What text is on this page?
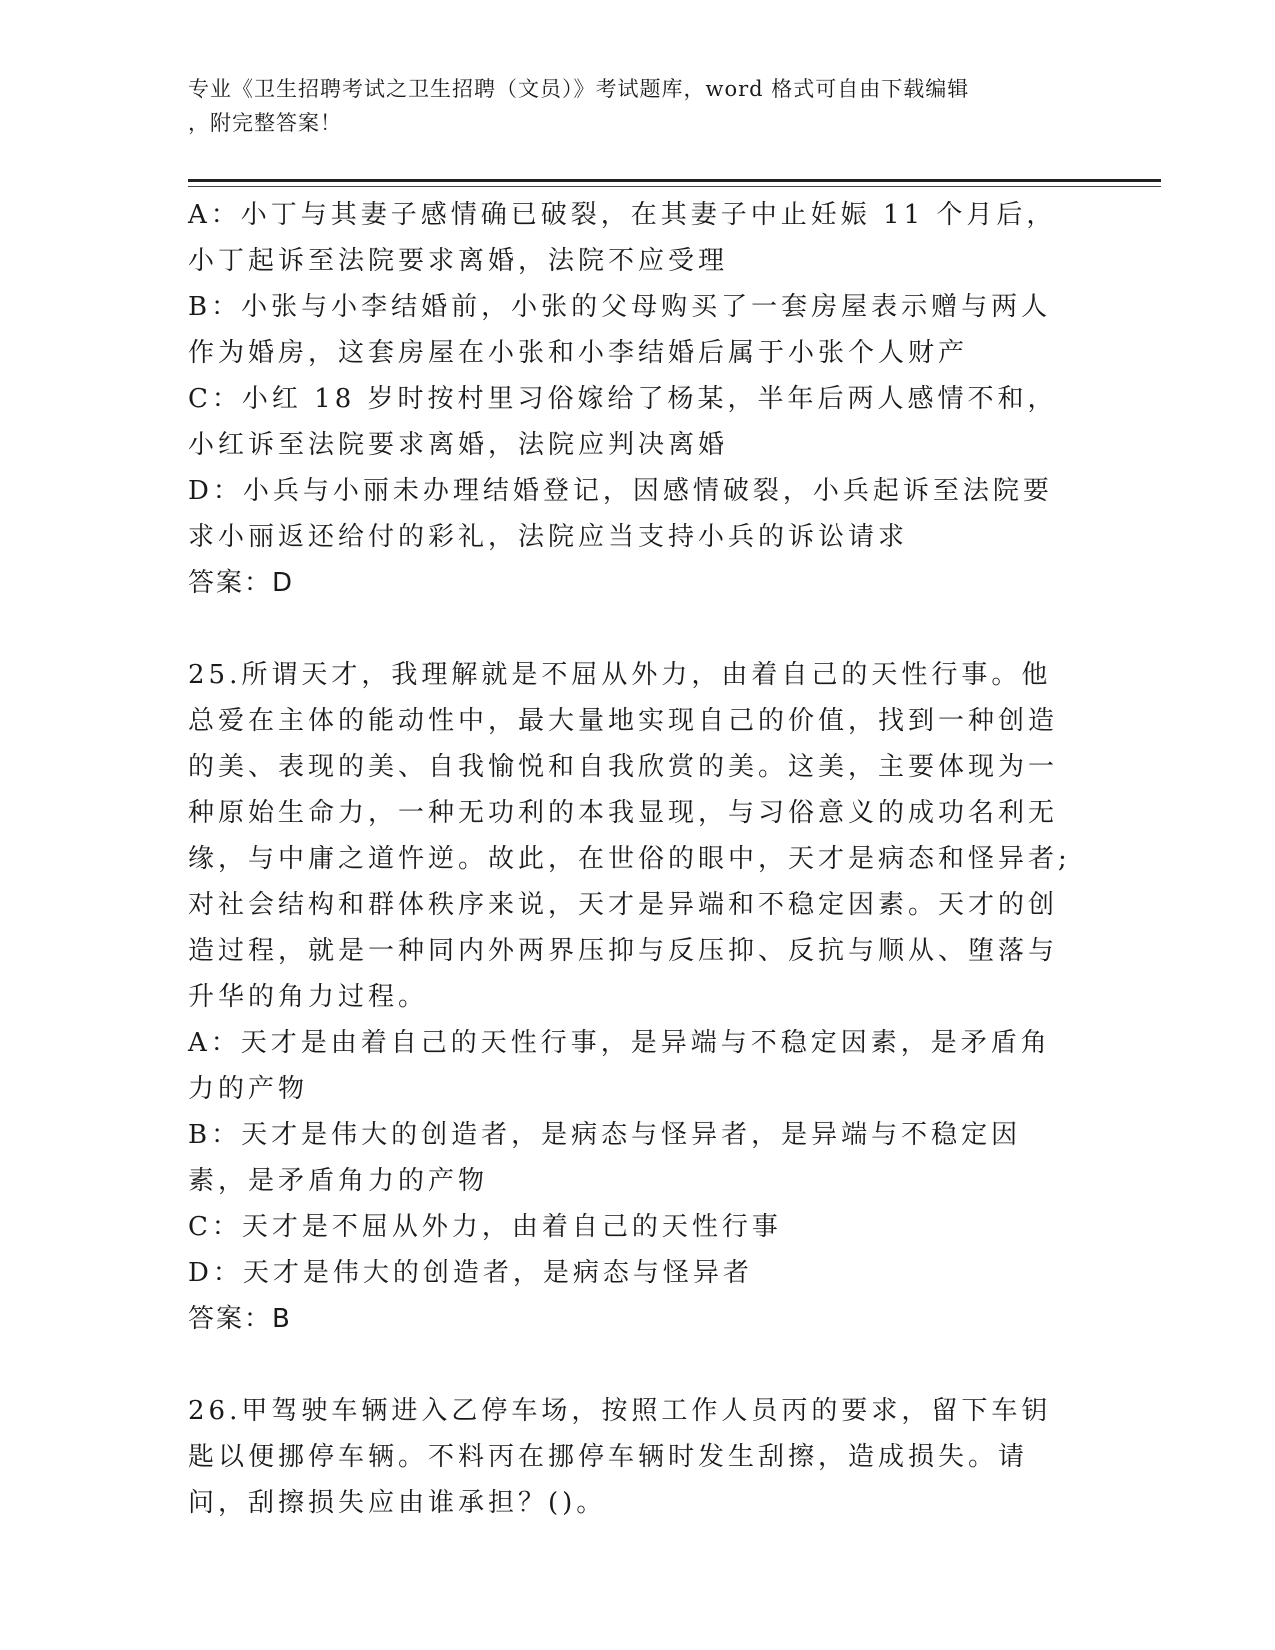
专业《卫生招聘考试之卫生招聘（文员）》考试题库，word 格式可自由下载编辑
，附完整答案！

A：小丁与其妻子感情确已破裂，在其妻子中止妊娠 11 个月后，小丁起诉至法院要求离婚，法院不应受理

B：小张与小李结婚前，小张的父母购买了一套房屋表示赠与两人作为婚房，这套房屋在小张和小李结婚后属于小张个人财产

C：小红 18 岁时按村里习俗嫁给了杨某，半年后两人感情不和，小红诉至法院要求离婚，法院应判决离婚

D：小兵与小丽未办理结婚登记，因感情破裂，小兵起诉至法院要求小丽返还给付的彩礼，法院应当支持小兵的诉讼请求

答案：D

25.所谓天才，我理解就是不屈从外力，由着自己的天性行事。他总爱在主体的能动性中，最大量地实现自己的价值，找到一种创造的美、表现的美、自我愉悦和自我欣赏的美。这美，主要体现为一种原始生命力，一种无功利的本我显现，与习俗意义的成功名利无缘，与中庸之道忤逆。故此，在世俗的眼中，天才是病态和怪异者;对社会结构和群体秩序来说，天才是异端和不稳定因素。天才的创造过程，就是一种同内外两界压抑与反压抑、反抗与顺从、堕落与升华的角力过程。

A：天才是由着自己的天性行事，是异端与不稳定因素，是矛盾角力的产物

B：天才是伟大的创造者，是病态与怪异者，是异端与不稳定因素，是矛盾角力的产物

C：天才是不屈从外力，由着自己的天性行事

D：天才是伟大的创造者，是病态与怪异者

答案：B

26.甲驾驶车辆进入乙停车场，按照工作人员丙的要求，留下车钥匙以便挪停车辆。不料丙在挪停车辆时发生刮擦，造成损失。请问，刮擦损失应由谁承担？()。
